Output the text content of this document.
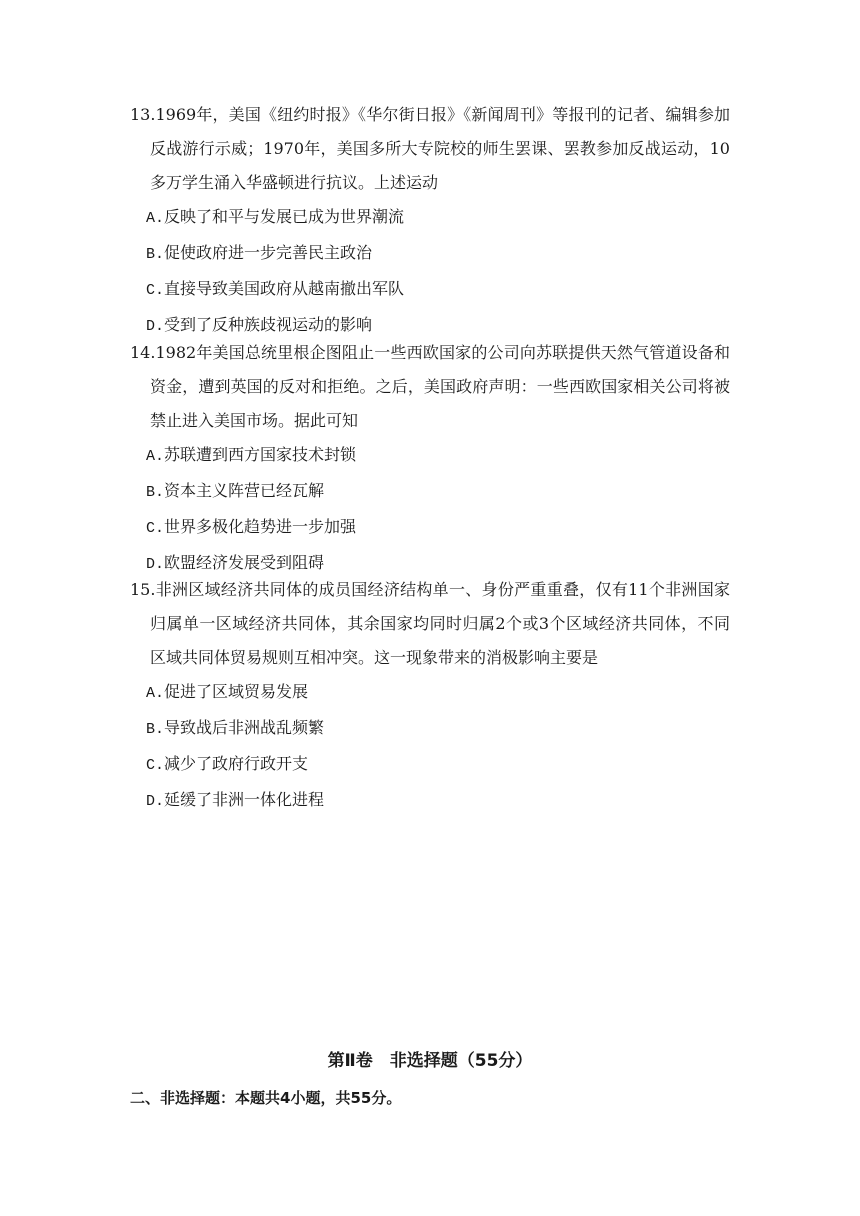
13.1969年，美国《纽约时报》《华尔街日报》《新闻周刊》等报刊的记者、编辑参加反战游行示威；1970年，美国多所大专院校的师生罢课、罢教参加反战运动，10多万学生涌入华盛顿进行抗议。上述运动

A.反映了和平与发展已成为世界潮流
B.促使政府进一步完善民主政治
C.直接导致美国政府从越南撤出军队
D.受到了反种族歧视运动的影响

14.1982年美国总统里根企图阻止一些西欧国家的公司向苏联提供天然气管道设备和资金，遭到英国的反对和拒绝。之后，美国政府声明：一些西欧国家相关公司将被禁止进入美国市场。据此可知

A.苏联遭到西方国家技术封锁
B.资本主义阵营已经瓦解
C.世界多极化趋势进一步加强
D.欧盟经济发展受到阻碍

15.非洲区域经济共同体的成员国经济结构单一、身份严重重叠，仅有11个非洲国家归属单一区域经济共同体，其余国家均同时归属2个或3个区域经济共同体，不同区域共同体贸易规则互相冲突。这一现象带来的消极影响主要是

A.促进了区域贸易发展
B.导致战后非洲战乱频繁
C.减少了政府行政开支
D.延缓了非洲一体化进程
第Ⅱ卷　非选择题（55分）
二、非选择题：本题共4小题，共55分。
